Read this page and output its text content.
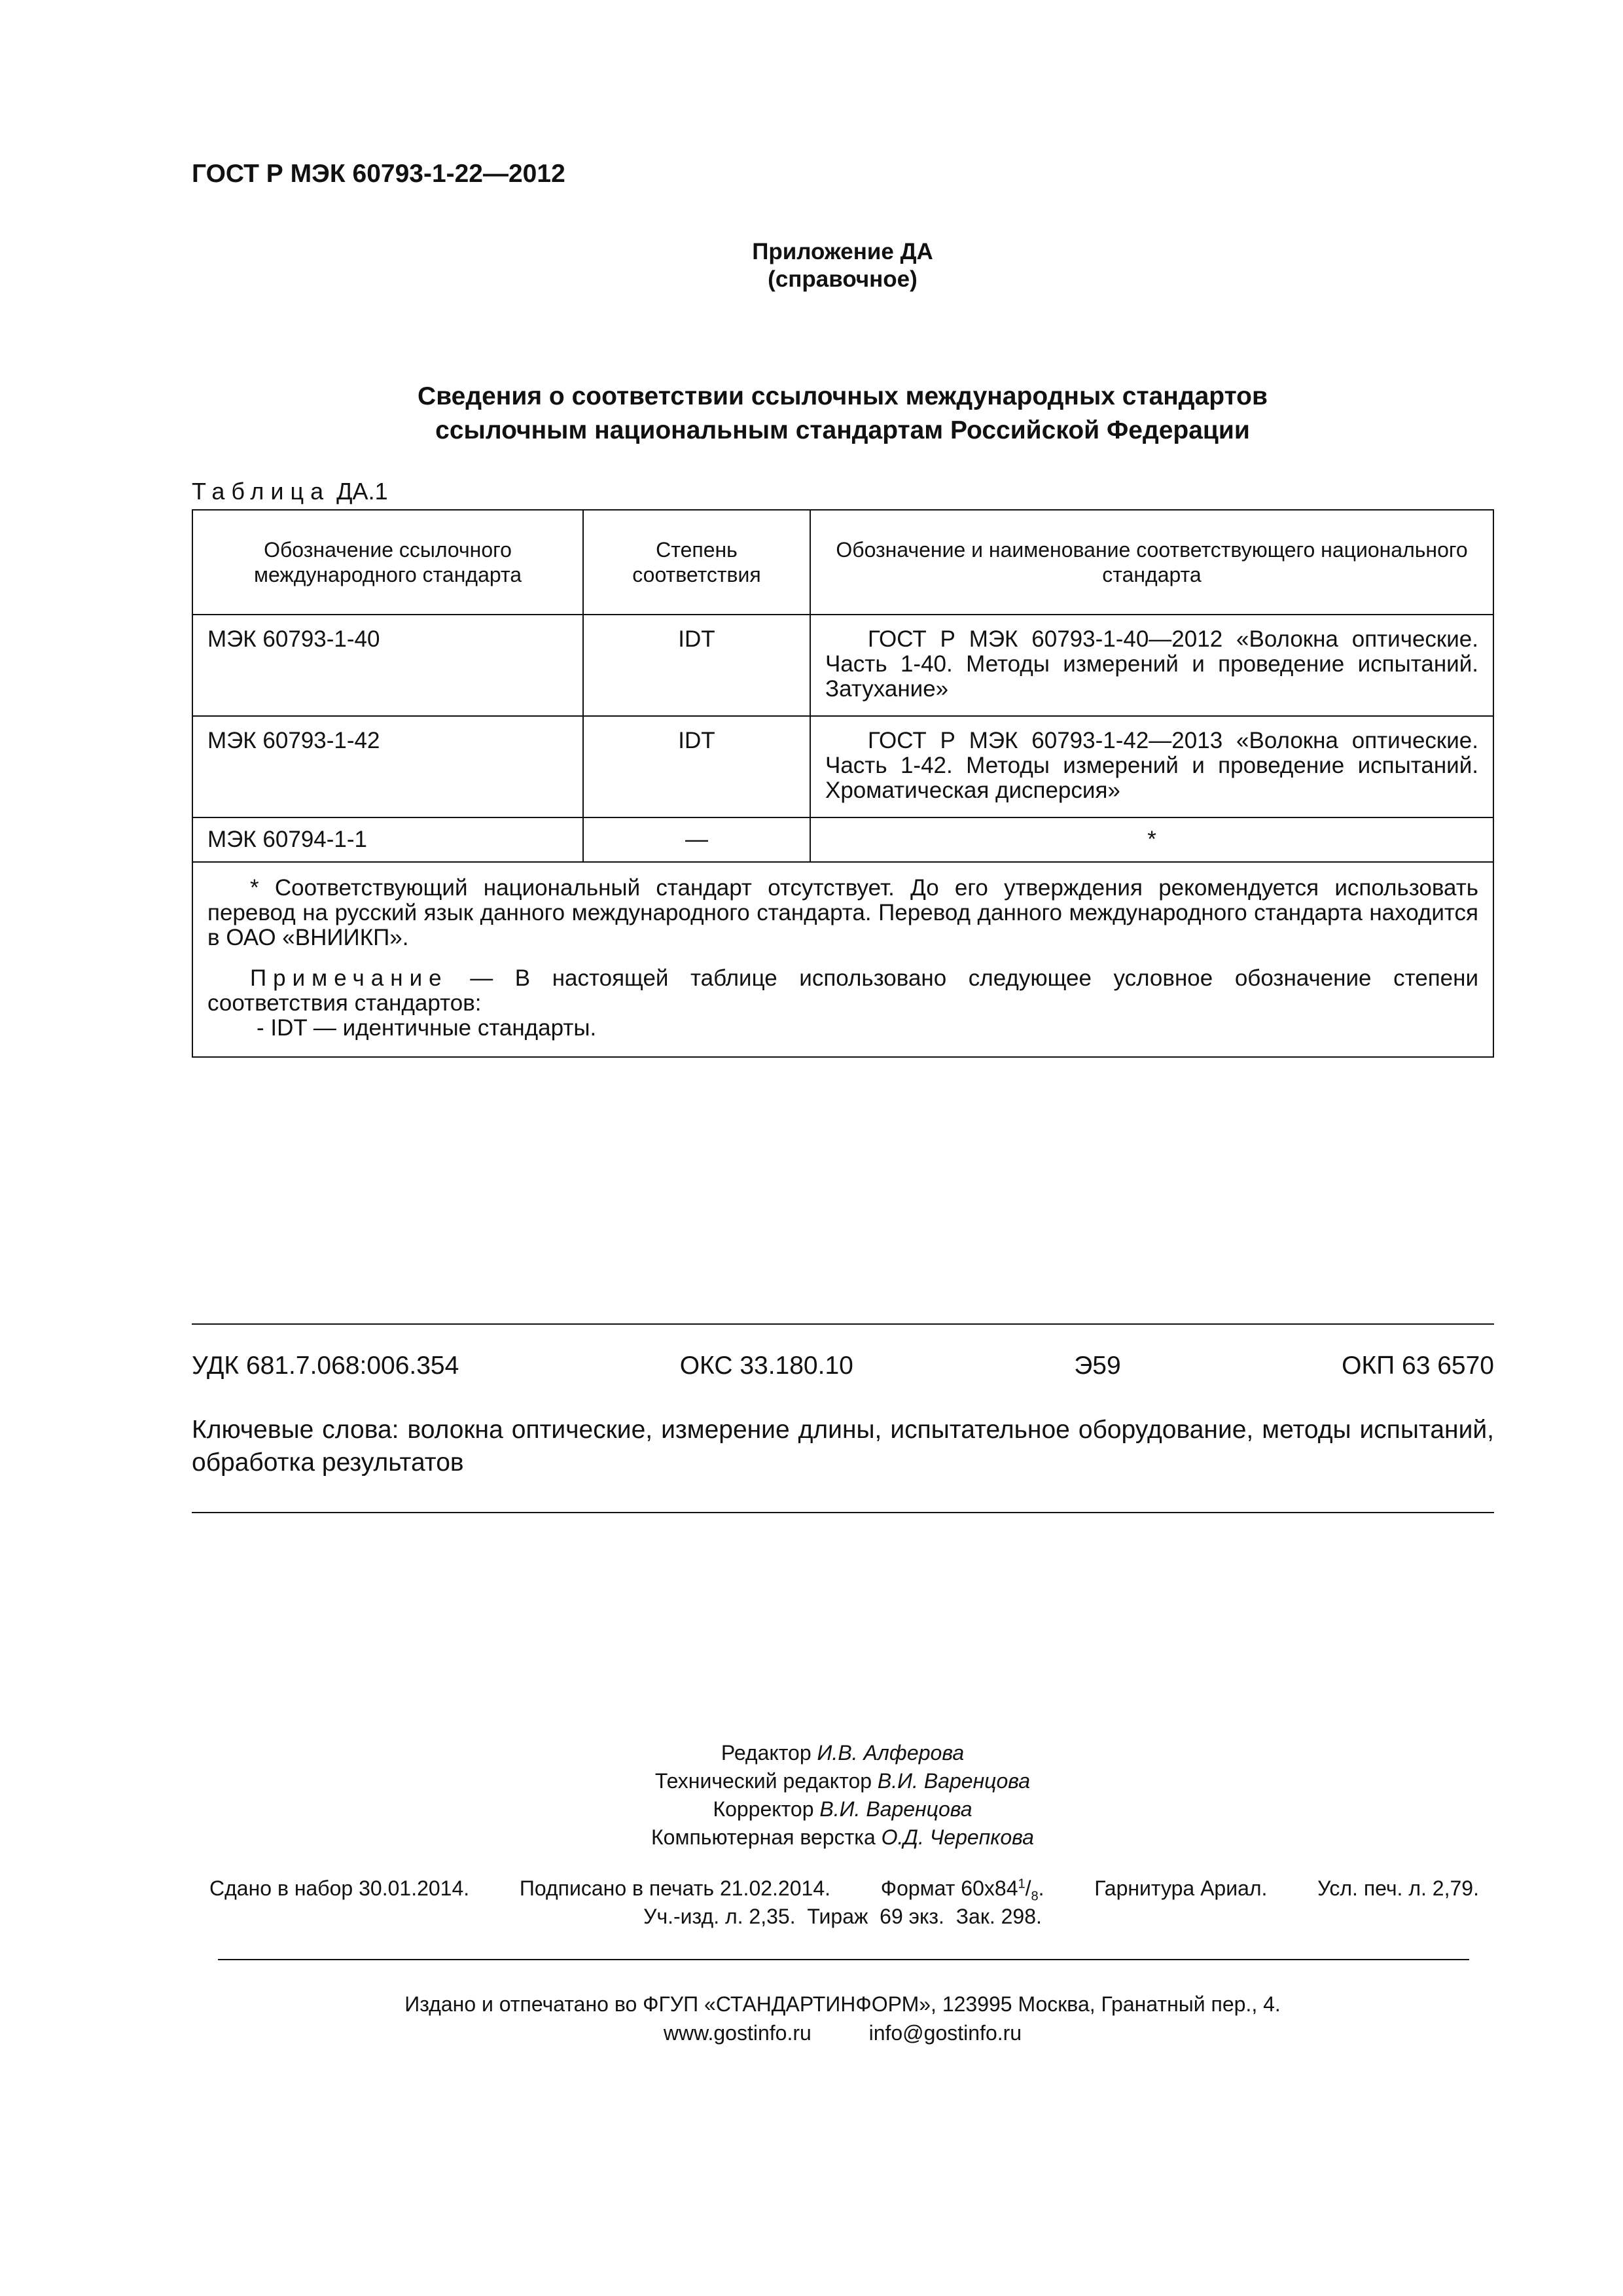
ГОСТ Р МЭК 60793-1-22—2012
Приложение ДА
(справочное)
Сведения о соответствии ссылочных международных стандартов
ссылочным национальным стандартам Российской Федерации
Таблица ДА.1
Обозначение ссылочного международного стандарта	Степень соответствия	Обозначение и наименование соответствующего национального стандарта
МЭК 60793-1-40	IDT	ГОСТ Р МЭК 60793-1-40—2012 «Волокна оптические. Часть 1-40. Методы измерений и проведение испытаний. Затухание»
МЭК 60793-1-42	IDT	ГОСТ Р МЭК 60793-1-42—2013 «Волокна оптические. Часть 1-42. Методы измерений и проведение испытаний. Хроматическая дисперсия»
МЭК 60794-1-1	—	*

* Соответствующий национальный стандарт отсутствует. До его утверждения рекомендуется использовать перевод на русский язык данного международного стандарта. Перевод данного международного стандарта находится в ОАО «ВНИИКП».

Примечание — В настоящей таблице использовано следующее условное обозначение степени соответствия стандартов:

- IDT — идентичные стандарты.		

УДК 681.7.068:006.354	ОКС 33.180.10	Э59	ОКП 63 6570
Ключевые слова: волокна оптические, измерение длины, испытательное оборудование, методы испытаний, обработка результатов
Редактор И.В. Алферова
Технический редактор В.И. Варенцова
Корректор В.И. Варенцова
Компьютерная верстка О.Д. Черепкова
Сдано в набор 30.01.2014. Подписано в печать 21.02.2014. Формат $60x84^1/_8$. Гарнитура Ариал. Усл. печ. л. 2,79.
Уч.-изд. л. 2,35.  Тираж  69 экз.  Зак. 298.
Издано и отпечатано во ФГУП «СТАНДАРТИНФОРМ», 123995 Москва, Гранатный пер., 4.
www.gostinfo.ru	info@gostinfo.ru
